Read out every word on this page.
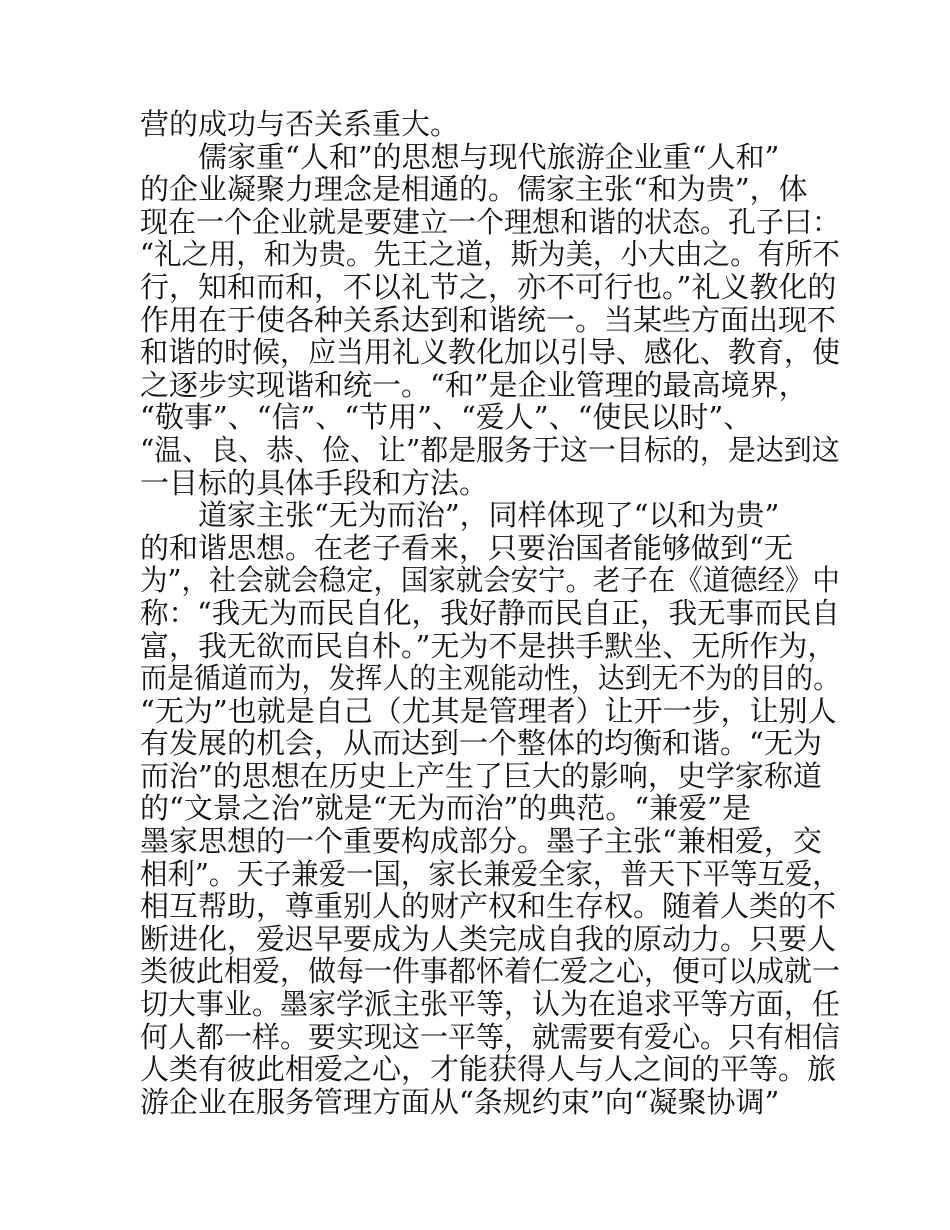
营的成功与否关系重大。
儒家重“人和”的思想与现代旅游企业重“人和”
的企业凝聚力理念是相通的。儒家主张“和为贵”，体
现在一个企业就是要建立一个理想和谐的状态。孔子曰：
“礼之用，和为贵。先王之道，斯为美，小大由之。有所不
行，知和而和，不以礼节之，亦不可行也。”礼义教化的
作用在于使各种关系达到和谐统一。当某些方面出现不
和谐的时候，应当用礼义教化加以引导、感化、教育，使
之逐步实现谐和统一。“和”是企业管理的最高境界，
“敬事”、“信”、“节用”、“爱人”、“使民以时”、
“温、良、恭、俭、让”都是服务于这一目标的，是达到这
一目标的具体手段和方法。
道家主张“无为而治”，同样体现了“以和为贵”
的和谐思想。在老子看来，只要治国者能够做到“无
为”，社会就会稳定，国家就会安宁。老子在《道德经》中
称：“我无为而民自化，我好静而民自正，我无事而民自
富，我无欲而民自朴。”无为不是拱手默坐、无所作为，
而是循道而为，发挥人的主观能动性，达到无不为的目的。
“无为”也就是自己（尤其是管理者）让开一步，让别人
有发展的机会，从而达到一个整体的均衡和谐。“无为
而治”的思想在历史上产生了巨大的影响，史学家称道
的“文景之治”就是“无为而治”的典范。“兼爱”是
墨家思想的一个重要构成部分。墨子主张“兼相爱，交
相利”。天子兼爱一国，家长兼爱全家，普天下平等互爱，
相互帮助，尊重别人的财产权和生存权。随着人类的不
断进化，爱迟早要成为人类完成自我的原动力。只要人
类彼此相爱，做每一件事都怀着仁爱之心，便可以成就一
切大事业。墨家学派主张平等，认为在追求平等方面，任
何人都一样。要实现这一平等，就需要有爱心。只有相信
人类有彼此相爱之心，才能获得人与人之间的平等。旅
游企业在服务管理方面从“条规约束”向“凝聚协调”
